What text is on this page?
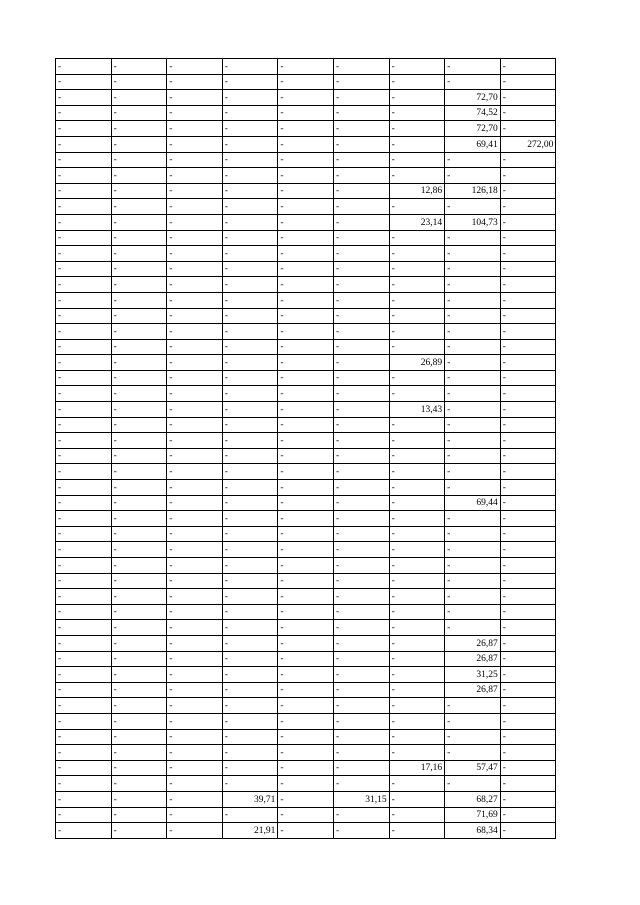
-	-	-	-	-	-	-	-	-
-	-	-	-	-	-	-	-	-
-	-	-	-	-	-	-	72,70	-
-	-	-	-	-	-	-	74,52	-
-	-	-	-	-	-	-	72,70	-
-	-	-	-	-	-	-	69,41	272,00
-	-	-	-	-	-	-	-	-
-	-	-	-	-	-	-	-	-
-	-	-	-	-	-	12,86	126,18	-
-	-	-	-	-	-	-	-	-
-	-	-	-	-	-	23,14	104,73	-
-	-	-	-	-	-	-	-	-
-	-	-	-	-	-	-	-	-
-	-	-	-	-	-	-	-	-
-	-	-	-	-	-	-	-	-
-	-	-	-	-	-	-	-	-
-	-	-	-	-	-	-	-	-
-	-	-	-	-	-	-	-	-
-	-	-	-	-	-	-	-	-
-	-	-	-	-	-	26,89	-	-
-	-	-	-	-	-	-	-	-
-	-	-	-	-	-	-	-	-
-	-	-	-	-	-	13,43	-	-
-	-	-	-	-	-	-	-	-
-	-	-	-	-	-	-	-	-
-	-	-	-	-	-	-	-	-
-	-	-	-	-	-	-	-	-
-	-	-	-	-	-	-	-	-
-	-	-	-	-	-	-	69,44	-
-	-	-	-	-	-	-	-	-
-	-	-	-	-	-	-	-	-
-	-	-	-	-	-	-	-	-
-	-	-	-	-	-	-	-	-
-	-	-	-	-	-	-	-	-
-	-	-	-	-	-	-	-	-
-	-	-	-	-	-	-	-	-
-	-	-	-	-	-	-	-	-
-	-	-	-	-	-	-	26,87	-
-	-	-	-	-	-	-	26,87	-
-	-	-	-	-	-	-	31,25	-
-	-	-	-	-	-	-	26,87	-
-	-	-	-	-	-	-	-	-
-	-	-	-	-	-	-	-	-
-	-	-	-	-	-	-	-	-
-	-	-	-	-	-	-	-	-
-	-	-	-	-	-	17,16	57,47	-
-	-	-	-	-	-	-	-	-
-	-	-	39,71	-	31,15	-	68,27	-
-	-	-	-	-	-	-	71,69	-
-	-	-	21,91	-	-	-	68,34	-
